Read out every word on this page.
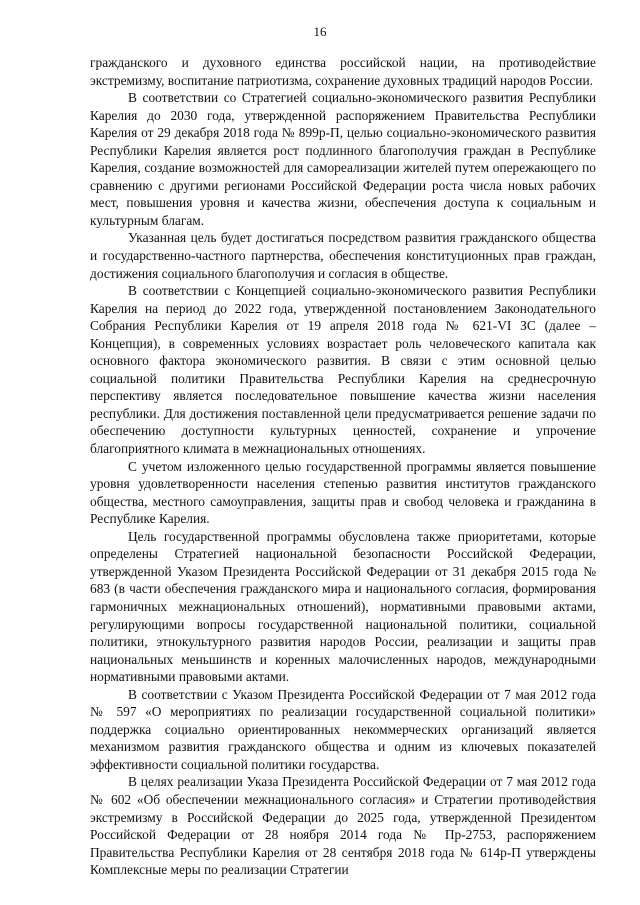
16

гражданского и духовного единства российской нации, на противодействие экстремизму, воспитание патриотизма, сохранение духовных традиций народов России.

В соответствии со Стратегией социально-экономического развития Республики Карелия до 2030 года, утвержденной распоряжением Правительства Республики Карелия от 29 декабря 2018 года № 899р-П, целью социально-экономического развития Республики Карелия является рост подлинного благополучия граждан в Республике Карелия, создание возможностей для самореализации жителей путем опережающего по сравнению с другими регионами Российской Федерации роста числа новых рабочих мест, повышения уровня и качества жизни, обеспечения доступа к социальным и культурным благам.

Указанная цель будет достигаться посредством развития гражданского общества и государственно-частного партнерства, обеспечения конституционных прав граждан, достижения социального благополучия и согласия в обществе.

В соответствии с Концепцией социально-экономического развития Республики Карелия на период до 2022 года, утвержденной постановлением Законодательного Собрания Республики Карелия от 19 апреля 2018 года № 621-VI ЗС (далее – Концепция), в современных условиях возрастает роль человеческого капитала как основного фактора экономического развития. В связи с этим основной целью социальной политики Правительства Республики Карелия на среднесрочную перспективу является последовательное повышение качества жизни населения республики. Для достижения поставленной цели предусматривается решение задачи по обеспечению доступности культурных ценностей, сохранение и упрочение благоприятного климата в межнациональных отношениях.

С учетом изложенного целью государственной программы является повышение уровня удовлетворенности населения степенью развития институтов гражданского общества, местного самоуправления, защиты прав и свобод человека и гражданина в Республике Карелия.

Цель государственной программы обусловлена также приоритетами, которые определены Стратегией национальной безопасности Российской Федерации, утвержденной Указом Президента Российской Федерации от 31 декабря 2015 года № 683 (в части обеспечения гражданского мира и национального согласия, формирования гармоничных межнациональных отношений), нормативными правовыми актами, регулирующими вопросы государственной национальной политики, социальной политики, этнокультурного развития народов России, реализации и защиты прав национальных меньшинств и коренных малочисленных народов, международными нормативными правовыми актами.

В соответствии с Указом Президента Российской Федерации от 7 мая 2012 года № 597 «О мероприятиях по реализации государственной социальной политики» поддержка социально ориентированных некоммерческих организаций является механизмом развития гражданского общества и одним из ключевых показателей эффективности социальной политики государства.

В целях реализации Указа Президента Российской Федерации от 7 мая 2012 года № 602 «Об обеспечении межнационального согласия» и Стратегии противодействия экстремизму в Российской Федерации до 2025 года, утвержденной Президентом Российской Федерации от 28 ноября 2014 года № Пр-2753, распоряжением Правительства Республики Карелия от 28 сентября 2018 года № 614р-П утверждены Комплексные меры по реализации Стратегии
